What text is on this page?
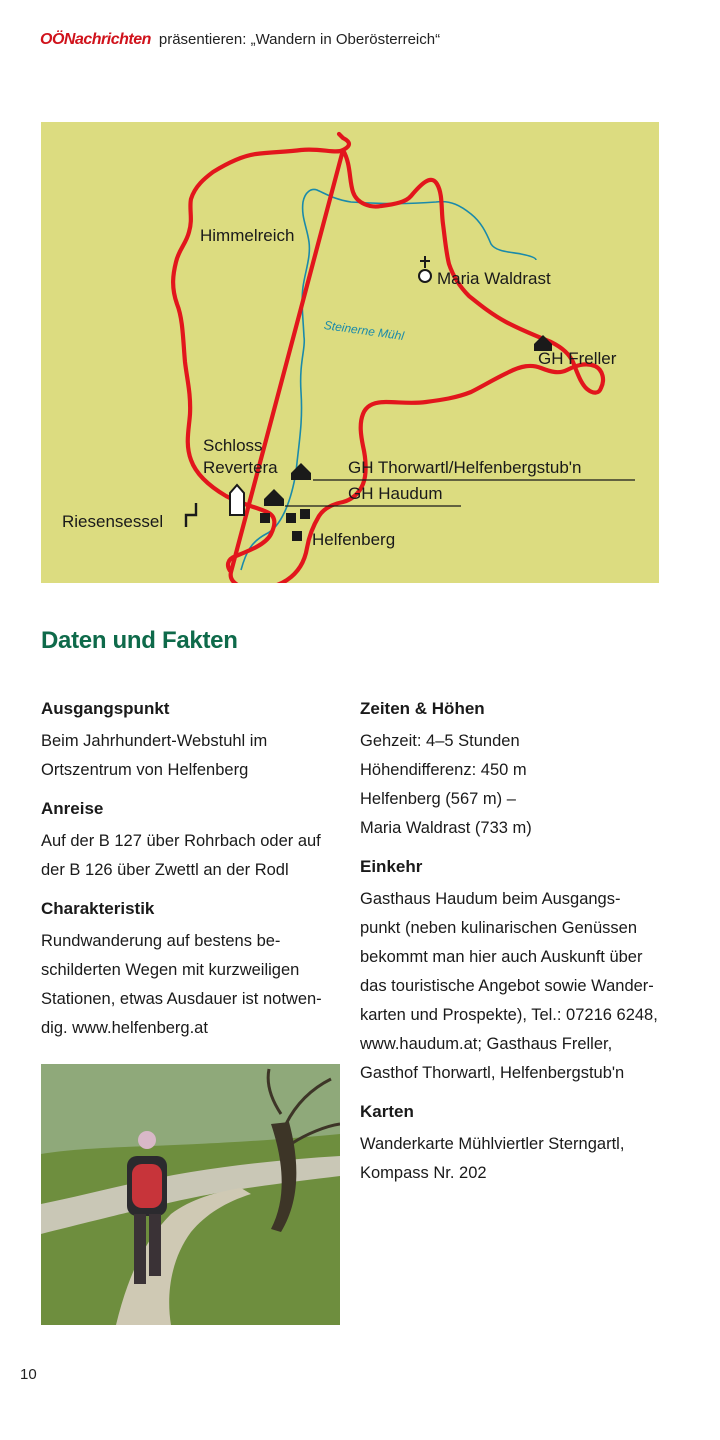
OÖNachrichten präsentieren: „Wandern in Oberösterreich“
Himmelreich
Maria Waldrast
Steinerne Mühl
GH Freller
Schloss
Revertera	GH Thorwartl/Helfenbergstub'n
GH Haudum
Riesensessel
Helfenberg
Daten und Fakten
Ausgangspunkt

Beim Jahrhundert-Webstuhl im

Ortszentrum von Helfenberg

Anreise

Auf der B 127 über Rohrbach oder auf

der B 126 über Zwettl an der Rodl

Charakteristik

Rundwanderung auf bestens be-

schilderten Wegen mit kurzweiligen

Stationen, etwas Ausdauer ist notwen-

dig. www.helfenberg.at

Zeiten & Höhen

Gehzeit: 4–5 Stunden

Höhendifferenz: 450 m

Helfenberg (567 m) –

Maria Waldrast (733 m)

Einkehr

Gasthaus Haudum beim Ausgangs-

punkt (neben kulinarischen Genüssen

bekommt man hier auch Auskunft über

das touristische Angebot sowie Wander-

karten und Prospekte), Tel.: 07216 6248,

www.haudum.at; Gasthaus Freller,

Gasthof Thorwartl, Helfenbergstub'n

Karten

Wanderkarte Mühlviertler Sterngartl,

Kompass Nr. 202

10
